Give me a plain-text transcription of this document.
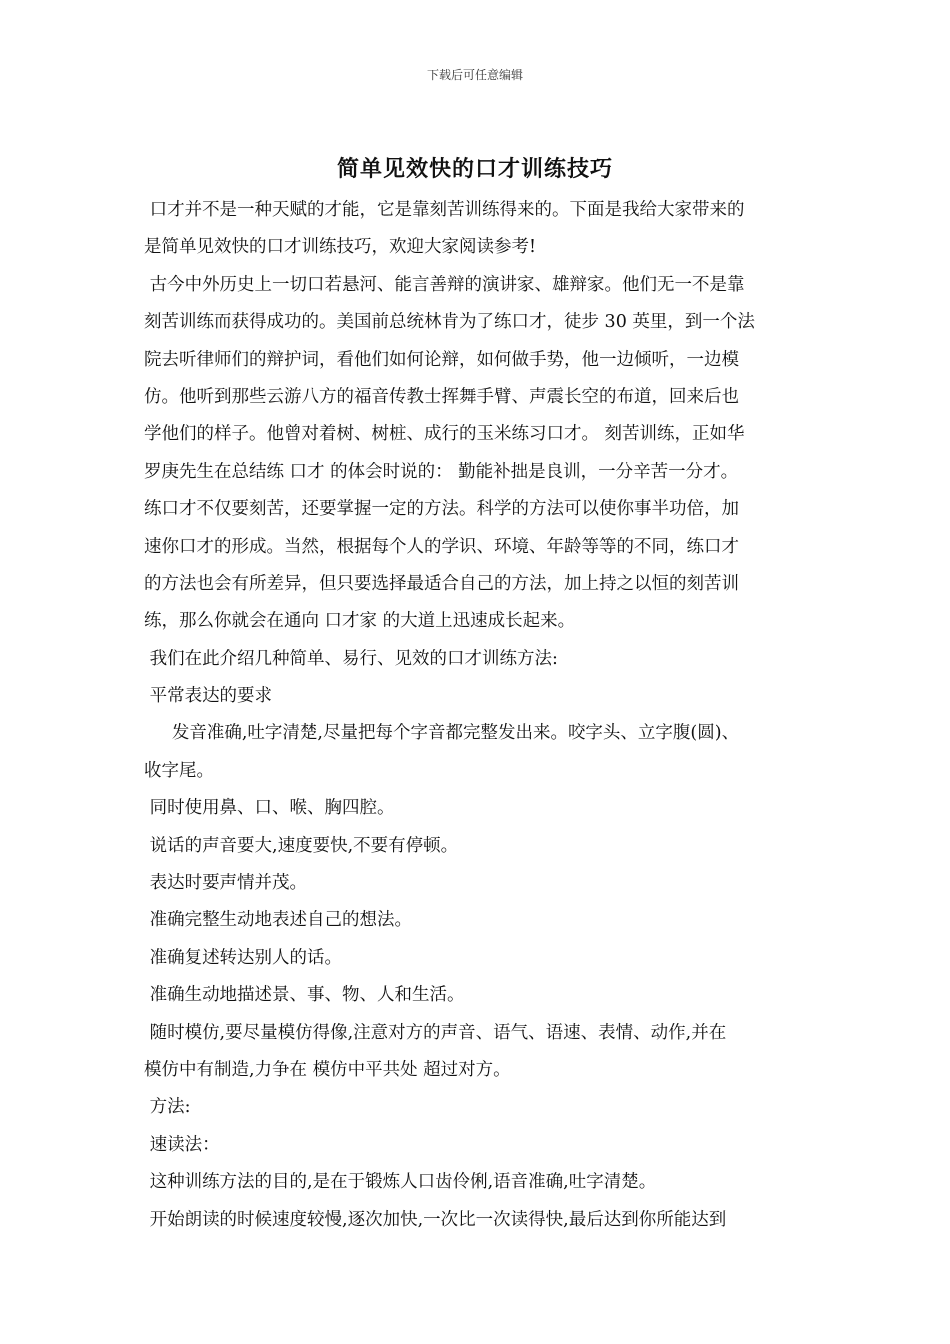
下载后可任意编辑
简单见效快的口才训练技巧
口才并不是一种天赋的才能，它是靠刻苦训练得来的。下面是我给大家带来的
是简单见效快的口才训练技巧，欢迎大家阅读参考!
古今中外历史上一切口若悬河、能言善辩的演讲家、雄辩家。他们无一不是靠
刻苦训练而获得成功的。美国前总统林肯为了练口才，徒步 30 英里，到一个法
院去听律师们的辩护词，看他们如何论辩，如何做手势，他一边倾听，一边模
仿。他听到那些云游八方的福音传教士挥舞手臂、声震长空的布道，回来后也
学他们的样子。他曾对着树、树桩、成行的玉米练习口才。 刻苦训练，正如华
罗庚先生在总结练 口才 的体会时说的： 勤能补拙是良训，一分辛苦一分才。
练口才不仅要刻苦，还要掌握一定的方法。科学的方法可以使你事半功倍，加
速你口才的形成。当然，根据每个人的学识、环境、年龄等等的不同，练口才
的方法也会有所差异，但只要选择最适合自己的方法，加上持之以恒的刻苦训
练，那么你就会在通向 口才家 的大道上迅速成长起来。
我们在此介绍几种简单、易行、见效的口才训练方法:
平常表达的要求
发音准确,吐字清楚,尽量把每个字音都完整发出来。咬字头、立字腹(圆)、
收字尾。
同时使用鼻、口、喉、胸四腔。
说话的声音要大,速度要快,不要有停顿。
表达时要声情并茂。
准确完整生动地表述自己的想法。
准确复述转达别人的话。
准确生动地描述景、事、物、人和生活。
随时模仿,要尽量模仿得像,注意对方的声音、语气、语速、表情、动作,并在
模仿中有制造,力争在 模仿中平共处 超过对方。
方法:
速读法：
这种训练方法的目的,是在于锻炼人口齿伶俐,语音准确,吐字清楚。
开始朗读的时候速度较慢,逐次加快,一次比一次读得快,最后达到你所能达到
